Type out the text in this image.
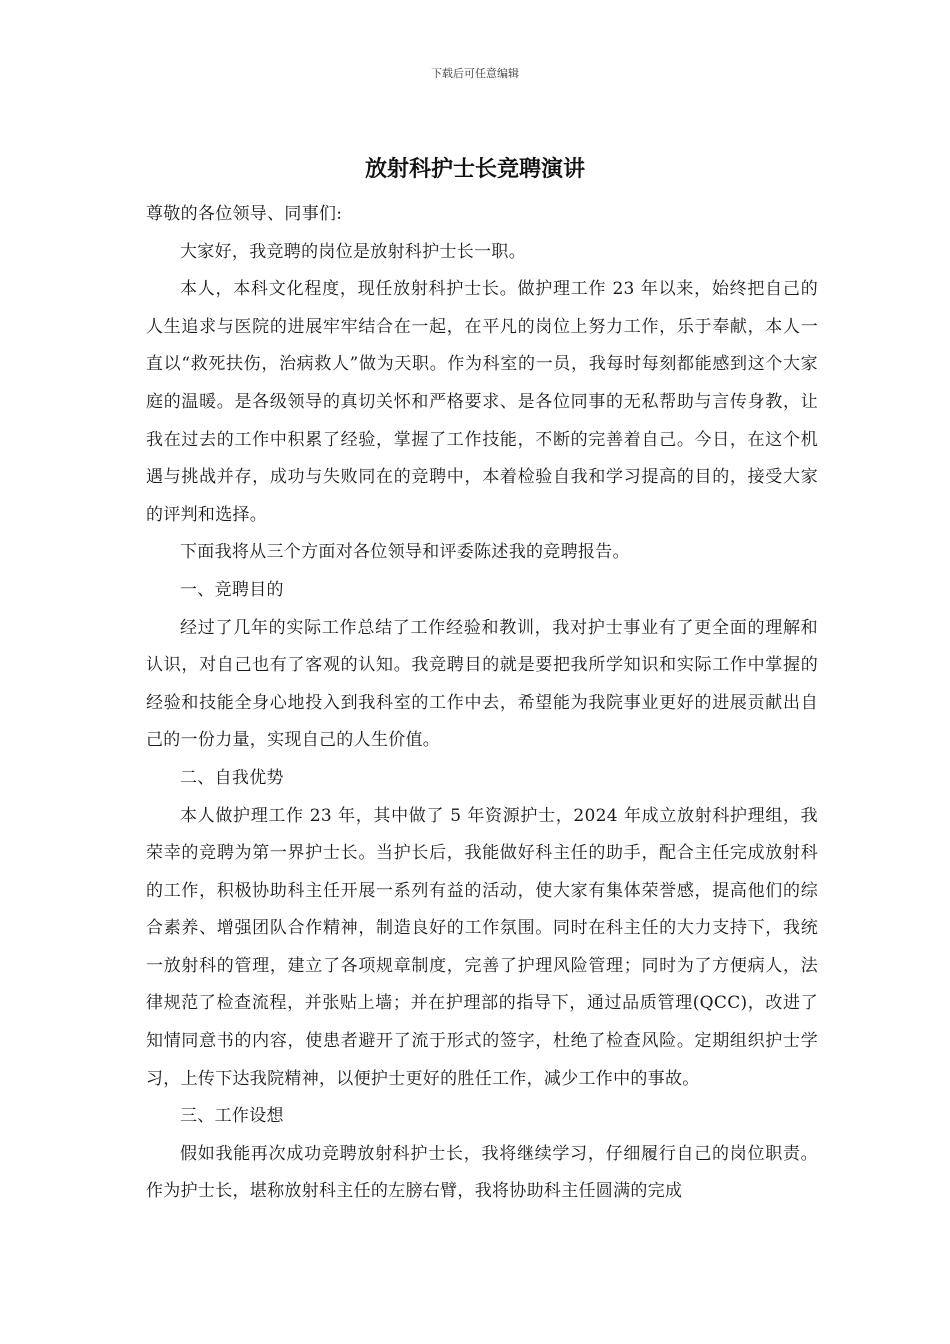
下载后可任意编辑
放射科护士长竞聘演讲

尊敬的各位领导、同事们:

大家好，我竞聘的岗位是放射科护士长一职。

本人，本科文化程度，现任放射科护士长。做护理工作 23 年以来，始终把自己的人生追求与医院的进展牢牢结合在一起，在平凡的岗位上努力工作，乐于奉献，本人一直以“救死扶伤，治病救人”做为天职。作为科室的一员，我每时每刻都能感到这个大家庭的温暖。是各级领导的真切关怀和严格要求、是各位同事的无私帮助与言传身教，让我在过去的工作中积累了经验，掌握了工作技能，不断的完善着自己。今日，在这个机遇与挑战并存，成功与失败同在的竞聘中，本着检验自我和学习提高的目的，接受大家的评判和选择。

下面我将从三个方面对各位领导和评委陈述我的竞聘报告。

一、竞聘目的

经过了几年的实际工作总结了工作经验和教训，我对护士事业有了更全面的理解和认识，对自己也有了客观的认知。我竞聘目的就是要把我所学知识和实际工作中掌握的经验和技能全身心地投入到我科室的工作中去，希望能为我院事业更好的进展贡献出自己的一份力量，实现自己的人生价值。

二、自我优势

本人做护理工作 23 年，其中做了 5 年资源护士，2024 年成立放射科护理组，我荣幸的竞聘为第一界护士长。当护长后，我能做好科主任的助手，配合主任完成放射科的工作，积极协助科主任开展一系列有益的活动，使大家有集体荣誉感，提高他们的综合素养、增强团队合作精神，制造良好的工作氛围。同时在科主任的大力支持下，我统一放射科的管理，建立了各项规章制度，完善了护理风险管理；同时为了方便病人，法律规范了检查流程，并张贴上墙；并在护理部的指导下，通过品质管理(QCC)，改进了知情同意书的内容，使患者避开了流于形式的签字，杜绝了检查风险。定期组织护士学习，上传下达我院精神，以便护士更好的胜任工作，减少工作中的事故。

三、工作设想

假如我能再次成功竞聘放射科护士长，我将继续学习，仔细履行自己的岗位职责。作为护士长，堪称放射科主任的左膀右臂，我将协助科主任圆满的完成
